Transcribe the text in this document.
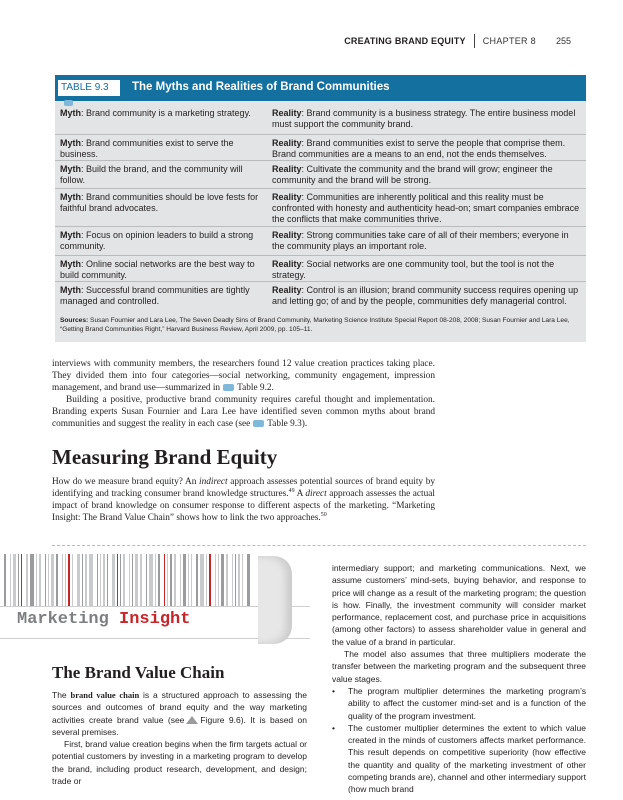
CREATING BRAND EQUITY CHAPTER 8 255
TABLE 9.3	The Myths and Realities of Brand Communities
Myth: Brand community is a marketing strategy.	Reality: Brand community is a business strategy. The entire business model must support the community brand.
Myth: Brand communities exist to serve the business.
Reality: Brand communities exist to serve the people that comprise them. Brand communities are a means to an end, not the ends themselves.
Myth: Build the brand, and the community will follow.
Reality: Cultivate the community and the brand will grow; engineer the community and the brand will be strong.
Myth: Brand communities should be love fests for faithful brand advocates.
Reality: Communities are inherently political and this reality must be confronted with honesty and authenticity head-on; smart companies embrace the conflicts that make communities thrive.
Myth: Focus on opinion leaders to build a strong community.
Reality: Strong communities take care of all of their members; everyone in the community plays an important role.
Myth: Online social networks are the best way to build community.
Reality: Social networks are one community tool, but the tool is not the strategy.
Myth: Successful brand communities are tightly managed and controlled.
Reality: Control is an illusion; brand community success requires opening up and letting go; of and by the people, communities defy managerial control.
Sources: Susan Fournier and Lara Lee, The Seven Deadly Sins of Brand Community, Marketing Science Institute Special Report 08-208, 2008; Susan Fournier and Lara Lee, “Getting Brand Communities Right,” Harvard Business Review, April 2009, pp. 105–11.

interviews with community members, the researchers found 12 value creation practices taking place. They divided them into four categories—social networking, community engagement, impression management, and brand use—summarized in Table 9.2.

Building a positive, productive brand community requires careful thought and implementation. Branding experts Susan Fournier and Lara Lee have identified seven common myths about brand communities and suggest the reality in each case (see Table 9.3).

Measuring Brand Equity

How do we measure brand equity? An indirect approach assesses potential sources of brand equity by identifying and tracking consumer brand knowledge structures.$^{49}$ A direct approach assesses the actual impact of brand knowledge on consumer response to different aspects of the marketing. “Marketing Insight: The Brand Value Chain” shows how to link the two approaches.$^{50}$

Marketing Insight
The Brand Value Chain

The brand value chain is a structured approach to assessing the sources and outcomes of brand equity and the way marketing activities create brand value (see Figure 9.6). It is based on several premises.

First, brand value creation begins when the firm targets actual or potential customers by investing in a marketing program to develop the brand, including product research, development, and design; trade or

intermediary support; and marketing communications. Next, we assume customers’ mind-sets, buying behavior, and response to price will change as a result of the marketing program; the question is how. Finally, the investment community will consider market performance, replacement cost, and purchase price in acquisitions (among other factors) to assess shareholder value in general and the value of a brand in particular.

The model also assumes that three multipliers moderate the transfer between the marketing program and the subsequent three value stages.

• The program multiplier determines the marketing program’s ability to affect the customer mind-set and is a function of the quality of the program investment.
• The customer multiplier determines the extent to which value created in the minds of customers affects market performance. This result depends on competitive superiority (how effective the quantity and quality of the marketing investment of other competing brands are), channel and other intermediary support (how much brand
